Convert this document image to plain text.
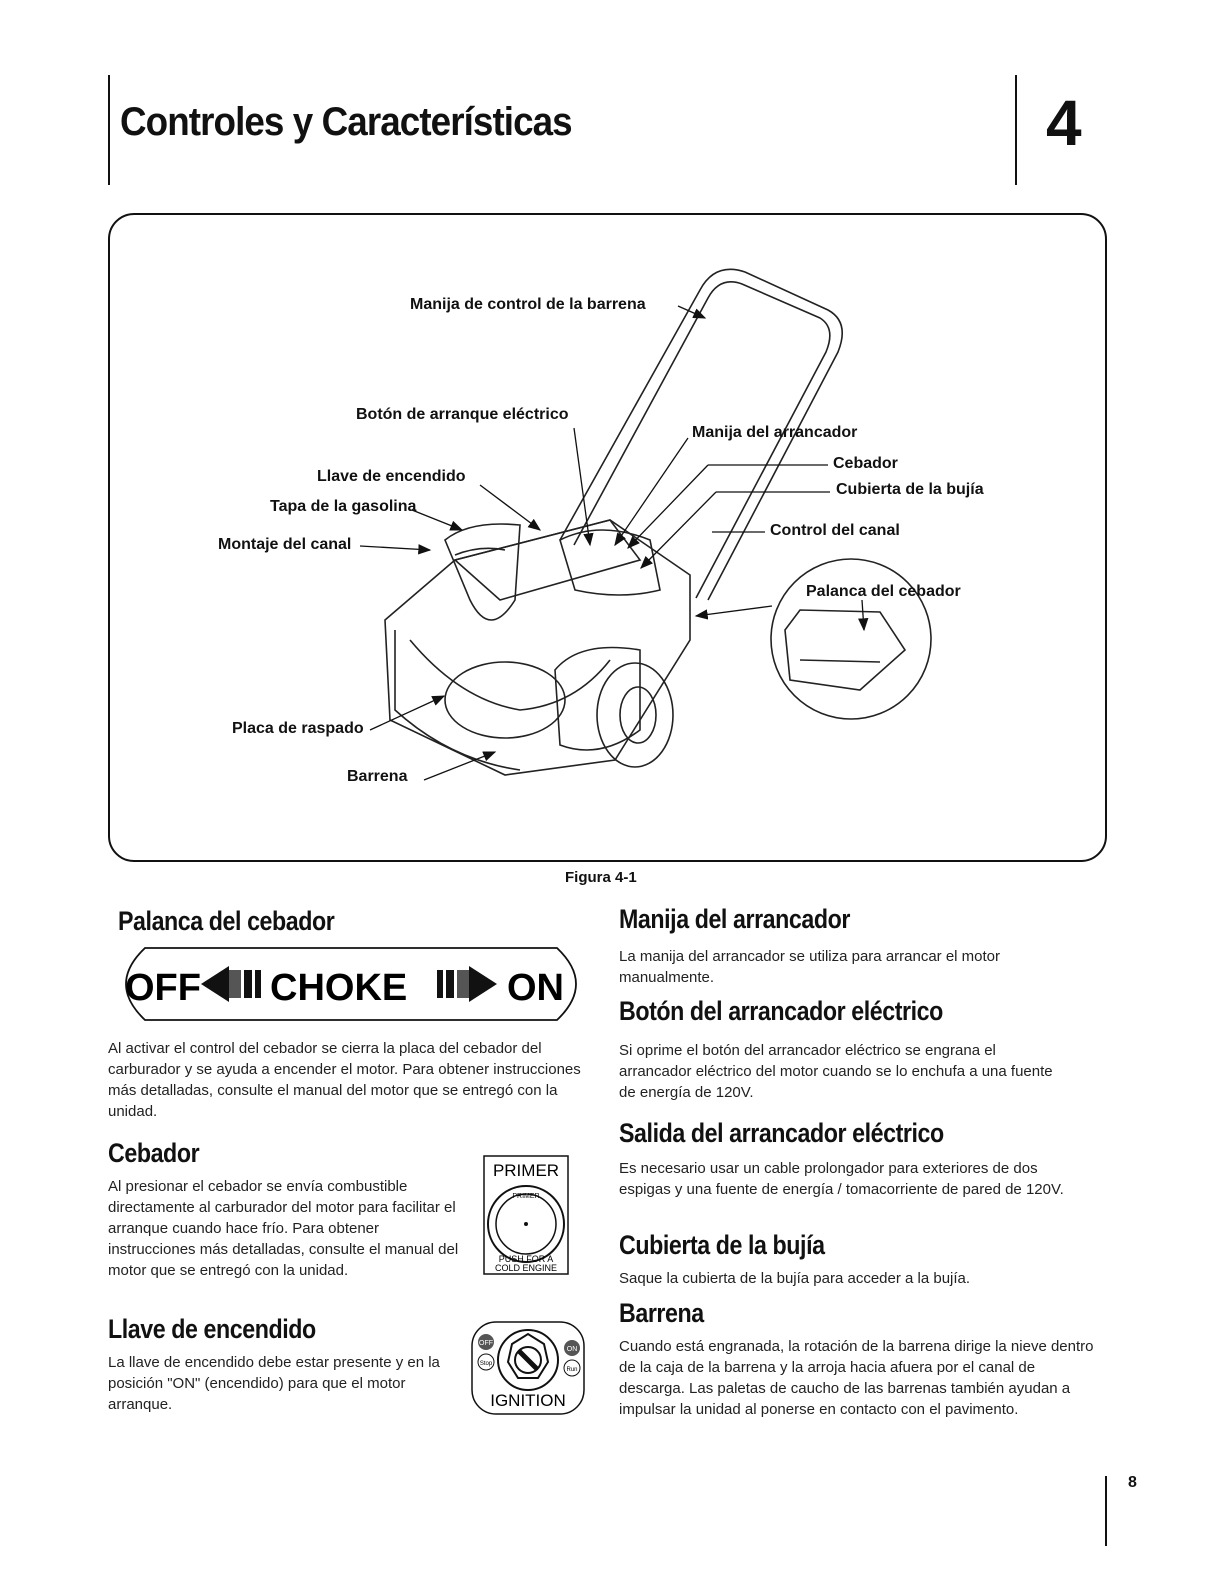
Controles y Características	4
Manija de control de la barrena
Botón de arranque eléctrico
Manija del arrancador
Llave de encendido
Cebador
Tapa de la gasolina
Cubierta de la bujía
Montaje del canal
Control del canal
Palanca del cebador
Placa de raspado
Barrena
Figura 4-1
Palanca del cebador
OFF CHOKE	ON

Al activar el control del cebador se cierra la placa del cebador del carburador y se ayuda a encender el motor. Para obtener instrucciones más detalladas, consulte el manual del motor que se entregó con la unidad.

Cebador

Al presionar el cebador se envía combustible directamente al carburador del motor para facilitar el arranque cuando hace frío. Para obtener instrucciones más detalladas, consulte el manual del motor que se entregó con la unidad.

PRIMER
PRIMER
PUSH FOR A
COLD ENGINE
Llave de encendido

La llave de encendido debe estar presente y en la posición "ON" (encendido) para que el motor arranque.

OFF
Stop
ON
Run
IGNITION
Manija del arrancador

La manija del arrancador se utiliza para arrancar el motor manualmente.

Botón del arrancador eléctrico

Si oprime el botón del arrancador eléctrico se engrana el arrancador eléctrico del motor cuando se lo enchufa a una fuente de energía de 120V.

Salida del arrancador eléctrico

Es necesario usar un cable prolongador para exteriores de dos espigas y una fuente de energía / tomacorriente de pared de 120V.

Cubierta de la bujía

Saque la cubierta de la bujía para acceder a la bujía.

Barrena

Cuando está engranada, la rotación de la barrena dirige la nieve dentro de la caja de la barrena y la arroja hacia afuera por el canal de descarga. Las paletas de caucho de las barrenas también ayudan a impulsar la unidad al ponerse en contacto con el pavimento.

8
